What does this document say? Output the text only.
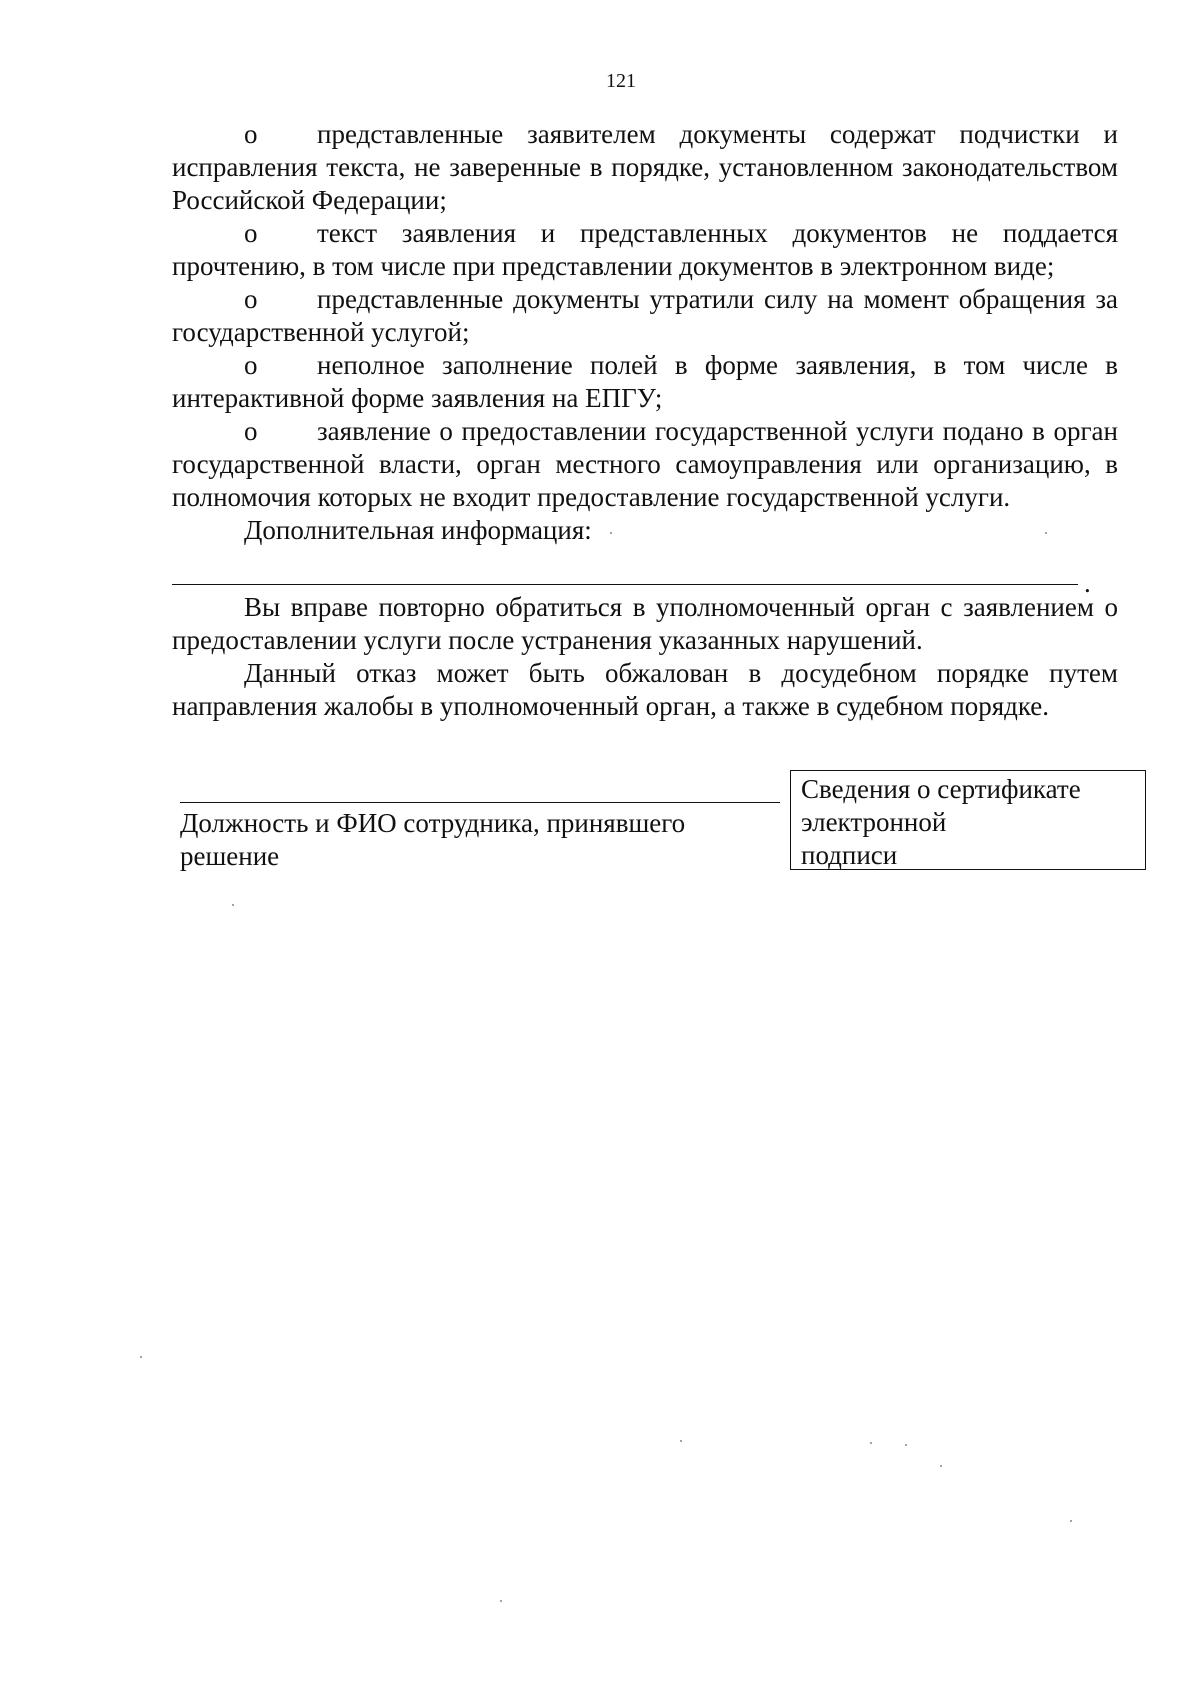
121

o представленные заявителем документы содержат подчистки и исправления текста, не заверенные в порядке, установленном законодательством Российской Федерации;

o текст заявления и представленных документов не поддается прочтению, в том числе при представлении документов в электронном виде;

o представленные документы утратили силу на момент обращения за государственной услугой;

o неполное заполнение полей в форме заявления, в том числе в интерактивной форме заявления на ЕПГУ;

o заявление о предоставлении государственной услуги подано в орган государственной власти, орган местного самоуправления или организацию, в полномочия которых не входит предоставление государственной услуги.

Дополнительная информация:

.

Вы вправе повторно обратиться в уполномоченный орган с заявлением о предоставлении услуги после устранения указанных нарушений.

Данный отказ может быть обжалован в досудебном порядке путем направления жалобы в уполномоченный орган, а также в судебном порядке.

Должность и ФИО сотрудника, принявшего решение
Сведения о сертификате
электронной
подписи
